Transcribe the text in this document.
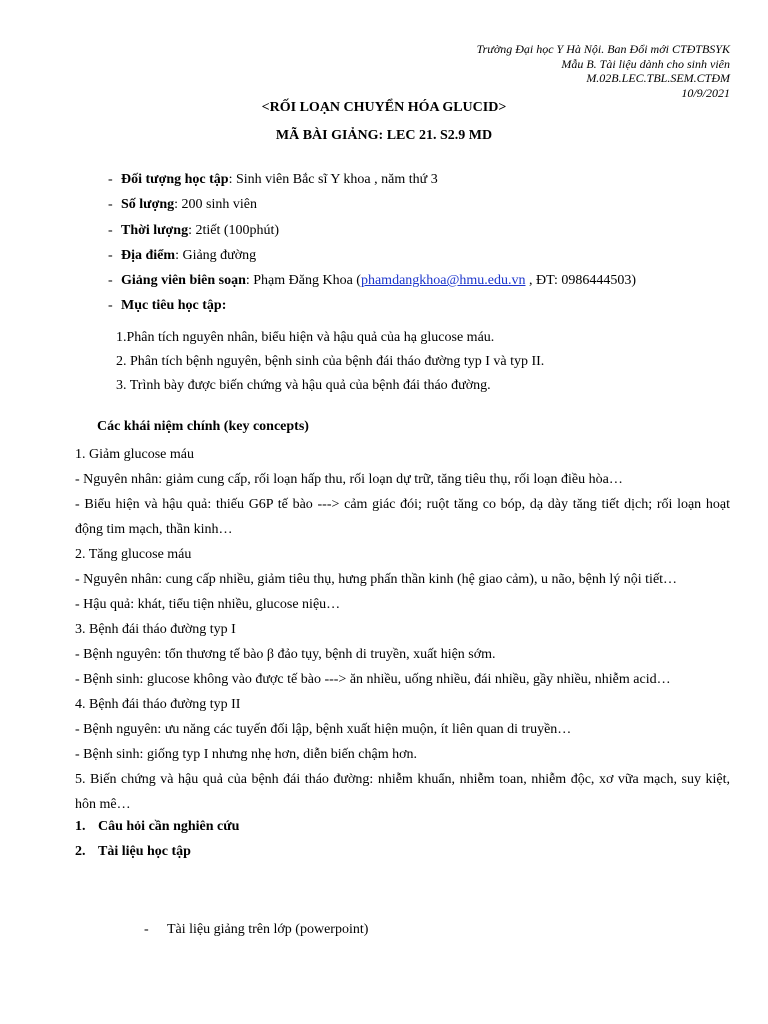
Trường Đại học Y Hà Nội. Ban Đổi mới CTĐTBSYK
Mẫu B. Tài liệu dành cho sinh viên
M.02B.LEC.TBL.SEM.CTĐM
10/9/2021
<RỐI LOẠN CHUYỂN HÓA GLUCID>
MÃ BÀI GIẢNG: LEC 21. S2.9 MD
- Đối tượng học tập: Sinh viên Bắc sĩ Y khoa , năm thứ 3
- Số lượng: 200 sinh viên
- Thời lượng: 2tiết (100phút)
- Địa điểm: Giảng đường
- Giảng viên biên soạn: Phạm Đăng Khoa (phamdangkhoa@hmu.edu.vn , ĐT: 0986444503)
- Mục tiêu học tập:
1.Phân tích nguyên nhân, biểu hiện và hậu quả của hạ glucose máu.
2. Phân tích bệnh nguyên, bệnh sinh của bệnh đái tháo đường typ I và typ II.
3. Trình bày được biến chứng và hậu quả của bệnh đái tháo đường.
Các khái niệm chính (key concepts)
1. Giảm glucose máu
- Nguyên nhân: giảm cung cấp, rối loạn hấp thu, rối loạn dự trữ, tăng tiêu thụ, rối loạn điều hòa…
- Biểu hiện và hậu quả: thiếu G6P tế bào ---> cảm giác đói; ruột tăng co bóp, dạ dày tăng tiết dịch; rối loạn hoạt động tim mạch, thần kinh…
2. Tăng glucose máu
- Nguyên nhân: cung cấp nhiều, giảm tiêu thụ, hưng phấn thần kinh (hệ giao cảm), u não, bệnh lý nội tiết…
- Hậu quả: khát, tiểu tiện nhiều, glucose niệu…
3. Bệnh đái tháo đường typ I
- Bệnh nguyên: tổn thương tế bào β đảo tụy, bệnh di truyền, xuất hiện sớm.
- Bệnh sinh: glucose không vào được tế bào ---> ăn nhiều, uống nhiều, đái nhiều, gầy nhiều, nhiễm acid…
4. Bệnh đái tháo đường typ II
- Bệnh nguyên: ưu năng các tuyến đối lập, bệnh xuất hiện muộn, ít liên quan di truyền…
- Bệnh sinh: giống typ I nhưng nhẹ hơn, diễn biến chậm hơn.
5. Biến chứng và hậu quả của bệnh đái tháo đường: nhiễm khuẩn, nhiễm toan, nhiễm độc, xơ vữa mạch, suy kiệt, hôn mê…
1. Câu hỏi cần nghiên cứu
2. Tài liệu học tập
- Tài liệu giảng trên lớp (powerpoint)
